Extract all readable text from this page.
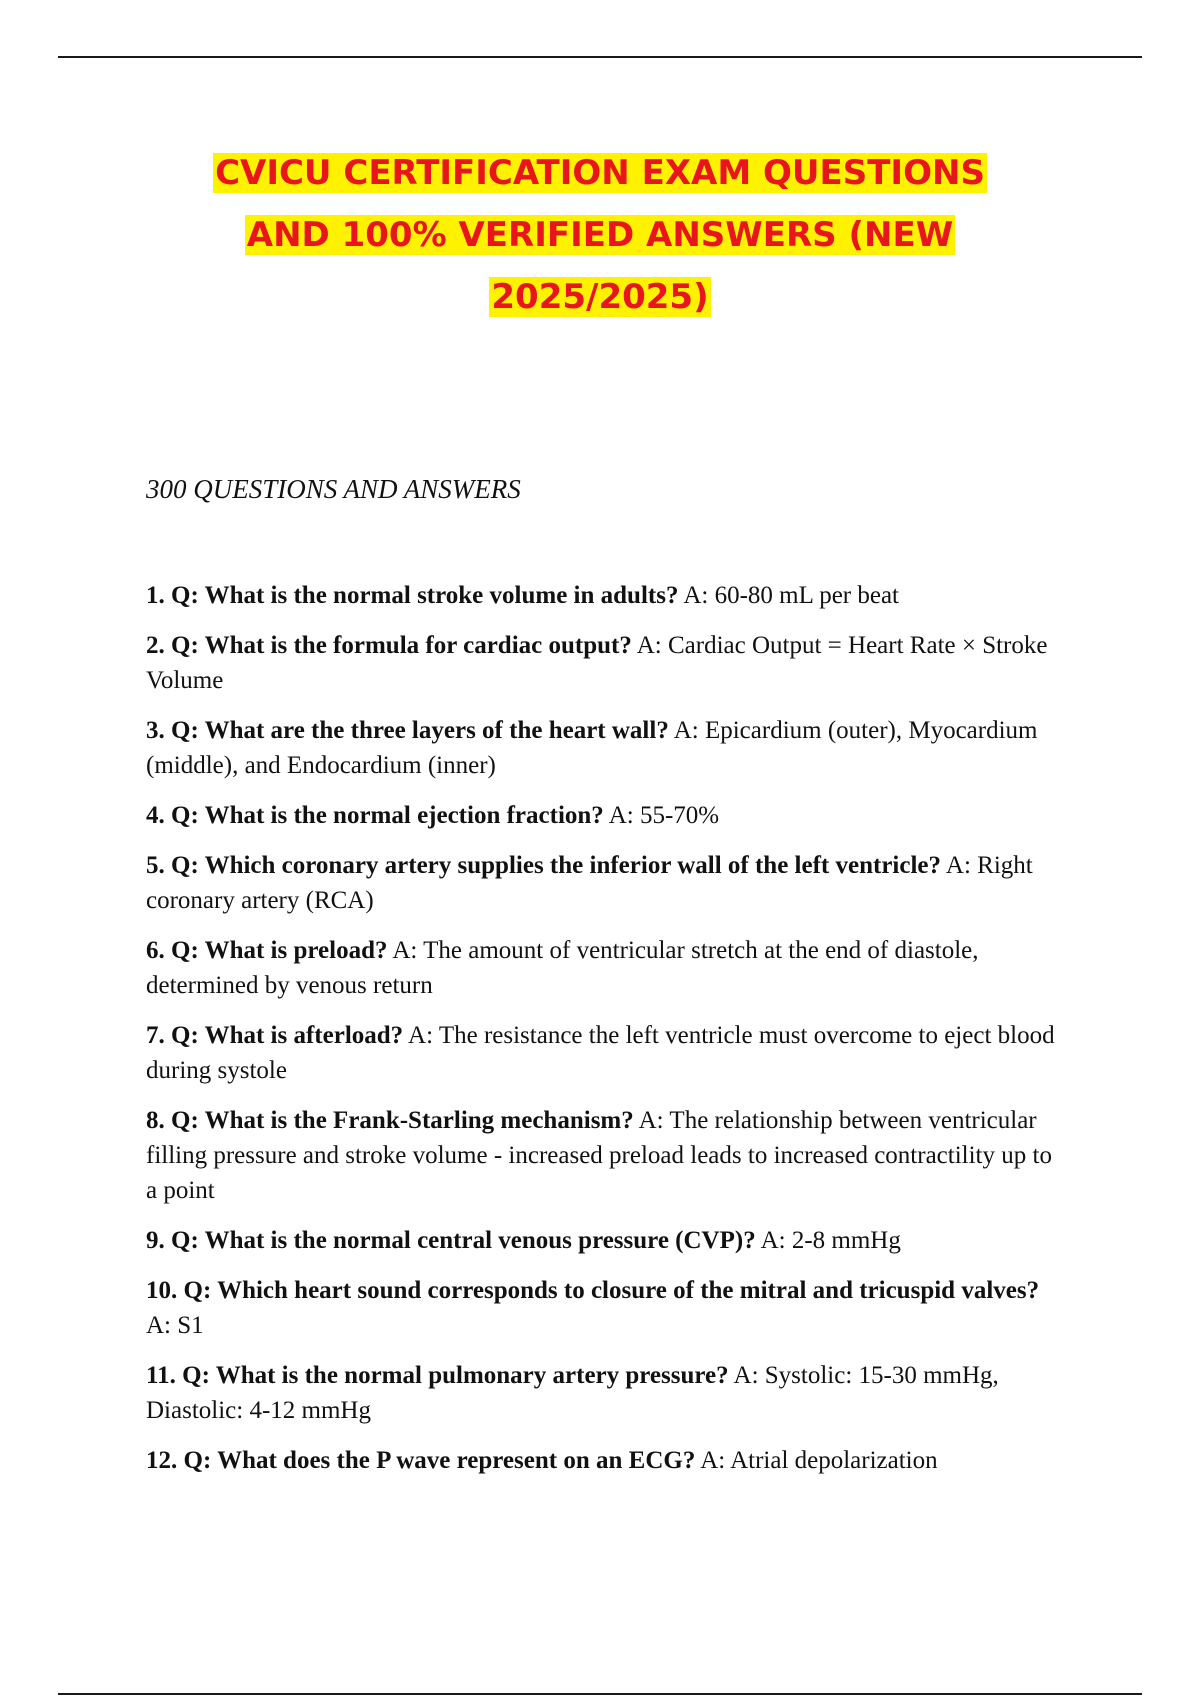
CVICU CERTIFICATION EXAM QUESTIONS
AND 100% VERIFIED ANSWERS (NEW
2025/2025)
300 QUESTIONS AND ANSWERS
1. Q: What is the normal stroke volume in adults? A: 60-80 mL per beat
2. Q: What is the formula for cardiac output? A: Cardiac Output = Heart Rate × Stroke Volume
3. Q: What are the three layers of the heart wall? A: Epicardium (outer), Myocardium (middle), and Endocardium (inner)
4. Q: What is the normal ejection fraction? A: 55-70%
5. Q: Which coronary artery supplies the inferior wall of the left ventricle? A: Right coronary artery (RCA)
6. Q: What is preload? A: The amount of ventricular stretch at the end of diastole, determined by venous return
7. Q: What is afterload? A: The resistance the left ventricle must overcome to eject blood during systole
8. Q: What is the Frank-Starling mechanism? A: The relationship between ventricular filling pressure and stroke volume - increased preload leads to increased contractility up to a point
9. Q: What is the normal central venous pressure (CVP)? A: 2-8 mmHg
10. Q: Which heart sound corresponds to closure of the mitral and tricuspid valves? A: S1
11. Q: What is the normal pulmonary artery pressure? A: Systolic: 15-30 mmHg, Diastolic: 4-12 mmHg
12. Q: What does the P wave represent on an ECG? A: Atrial depolarization
